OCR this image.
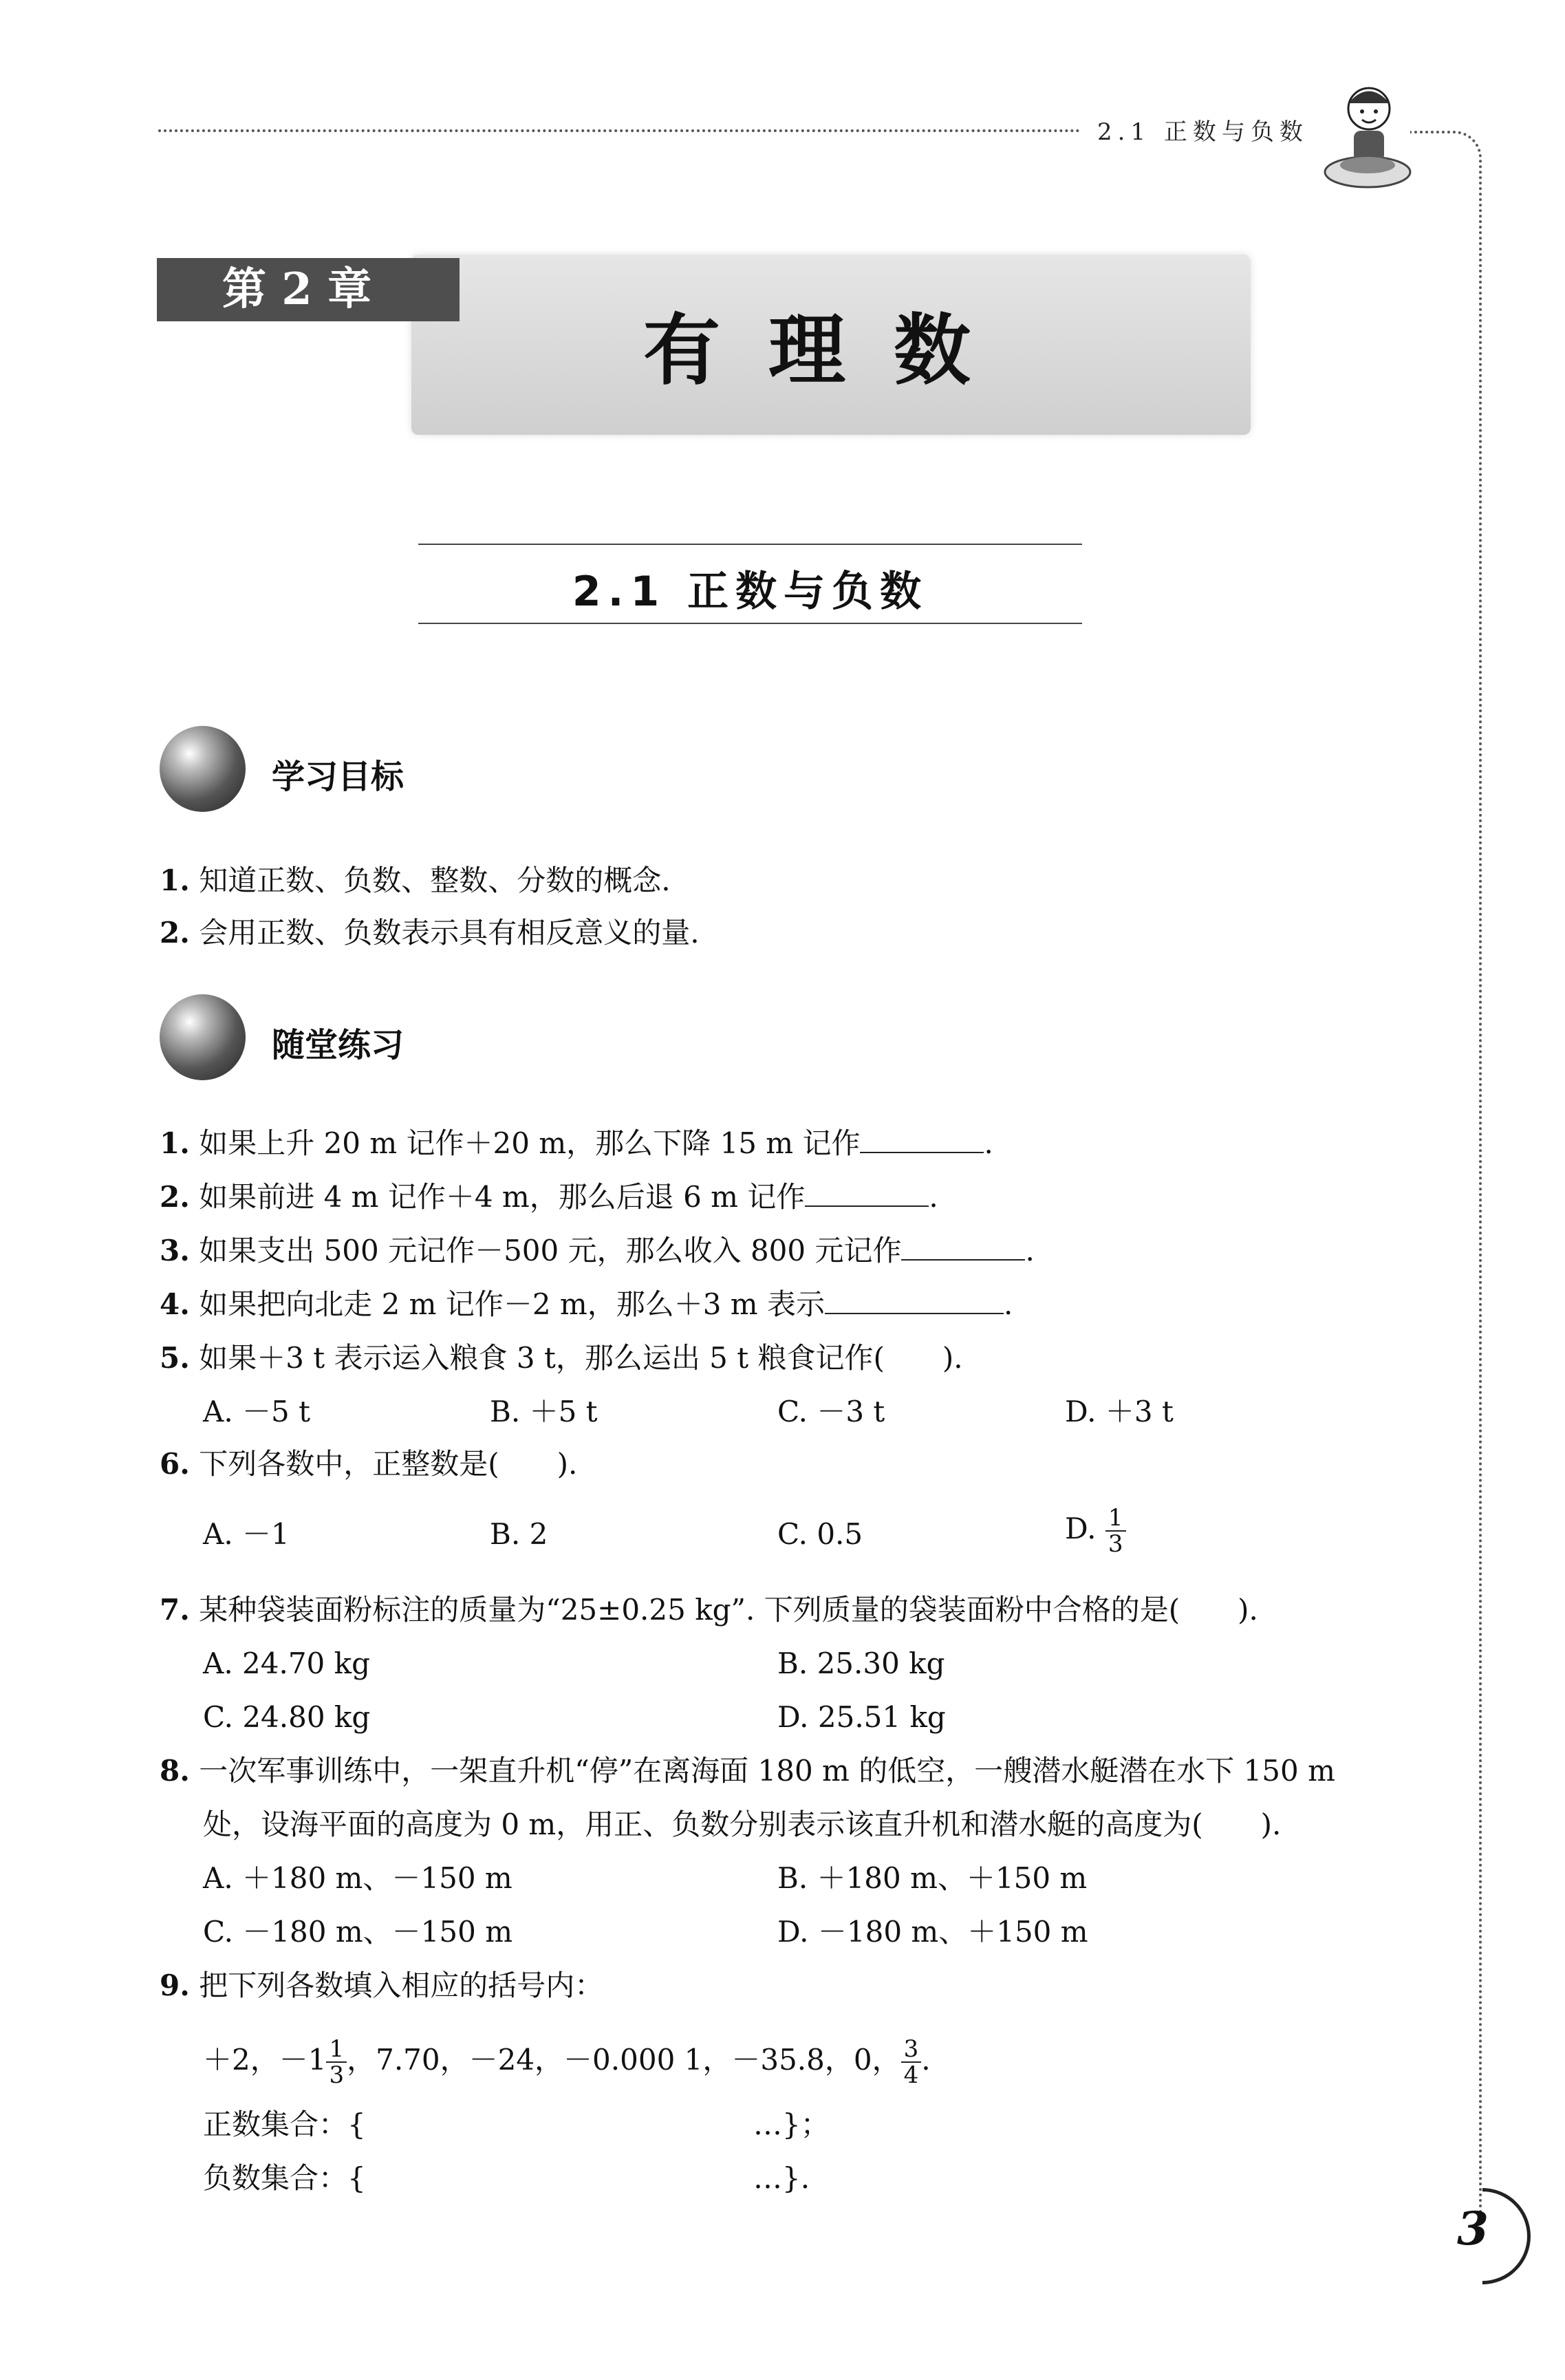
2.1 正数与负数
3
第 2 章
有理数
2.1 正数与负数
学习目标
1. 知道正数、负数、整数、分数的概念.
2. 会用正数、负数表示具有相反意义的量.
随堂练习
1. 如果上升 20 m 记作＋20 m，那么下降 15 m 记作	.
2. 如果前进 4 m 记作＋4 m，那么后退 6 m 记作	.
3. 如果支出 500 元记作－500 元，那么收入 800 元记作	.
4. 如果把向北走 2 m 记作－2 m，那么＋3 m 表示	.
5. 如果＋3 t 表示运入粮食 3 t，那么运出 5 t 粮食记作(　　).
A. －5 t	B. ＋5 t	C. －3 t	D. ＋3 t
6. 下列各数中，正整数是(　　).
A. －1	B. 2	C. 0.5	D. $\frac{1}{3}$
7. 某种袋装面粉标注的质量为“25±0.25 kg”. 下列质量的袋装面粉中合格的是(　　).
A. 24.70 kg	B. 25.30 kg
C. 24.80 kg	D. 25.51 kg
8. 一次军事训练中，一架直升机“停”在离海面 180 m 的低空，一艘潜水艇潜在水下 150 m
处，设海平面的高度为 0 m，用正、负数分别表示该直升机和潜水艇的高度为(　　).
A. ＋180 m、－150 m	B. ＋180 m、＋150 m
C. －180 m、－150 m	D. －180 m、＋150 m
9. 把下列各数填入相应的括号内：
＋2，$-1 \frac{1}{3}$ ，7.70，－24，－0.000 1，－35.8，0， $\frac{3}{4}$ .
正数集合：{	…}；
负数集合：{	…}.
